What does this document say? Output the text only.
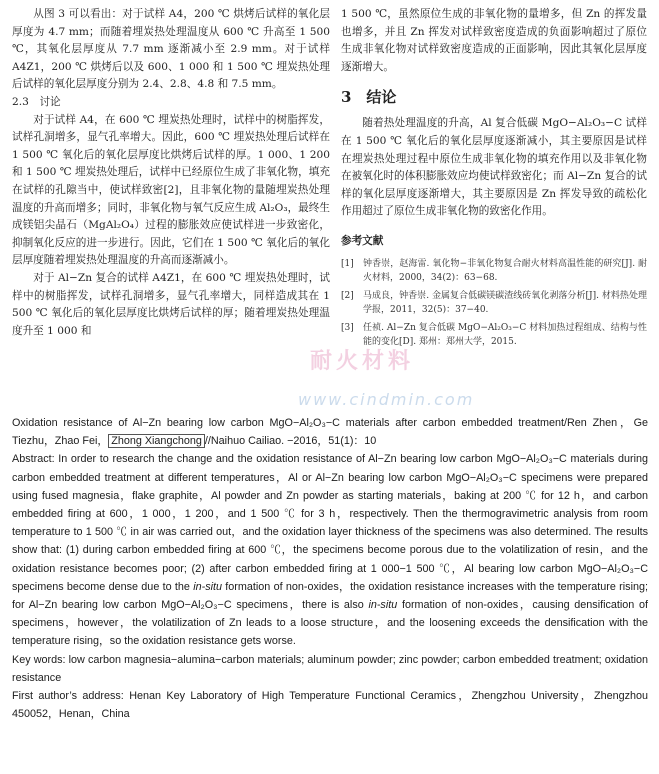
从图 3 可以看出：对于试样 A4，200 ℃ 烘烤后试样的氧化层厚度为 4.7 mm；而随着埋炭热处理温度从 600 ℃ 升高至 1 500 ℃，其氧化层厚度从 7.7 mm 逐渐减小至 2.9 mm。对于试样 A4Z1，200 ℃ 烘烤后以及 600、1 000 和 1 500 ℃ 埋炭热处理后试样的氧化层厚度分别为 2.4、2.8、4.8 和 7.5 mm。

2.3　讨论

对于试样 A4，在 600 ℃ 埋炭热处理时，试样中的树脂挥发，试样孔洞增多，显气孔率增大。因此，600 ℃ 埋炭热处理后试样在 1 500 ℃ 氧化后的氧化层厚度比烘烤后试样的厚。1 000、1 200 和 1 500 ℃ 埋炭热处理后，试样中已经原位生成了非氧化物，填充在试样的孔隙当中，使试样致密[2]，且非氧化物的量随埋炭热处理温度的升高而增多；同时，非氧化物与氧气反应生成 Al₂O₃，最终生成镁铝尖晶石（MgAl₂O₄）过程的膨胀效应使试样进一步致密化，抑制氧化反应的进一步进行。因此，它们在 1 500 ℃ 氧化后的氧化层厚度随着埋炭热处理温度的升高而逐渐减小。

对于 Al−Zn 复合的试样 A4Z1，在 600 ℃ 埋炭热处理时，试样中的树脂挥发，试样孔洞增多，显气孔率增大，同样造成其在 1 500 ℃ 氧化后的氧化层厚度比烘烤后试样的厚；随着埋炭热处理温度升至 1 000 和

1 500 ℃，虽然原位生成的非氧化物的量增多，但 Zn 的挥发量也增多，并且 Zn 挥发对试样致密度造成的负面影响超过了原位生成非氧化物对试样致密度造成的正面影响，因此其氧化层厚度逐渐增大。

3　结论

随着热处理温度的升高，Al 复合低碳 MgO−Al₂O₃−C 试样在 1 500 ℃ 氧化后的氧化层厚度逐渐减小，其主要原因是试样在埋炭热处理过程中原位生成非氧化物的填充作用以及非氧化物在被氧化时的体积膨胀效应均使试样致密化；而 Al−Zn 复合的试样的氧化层厚度逐渐增大，其主要原因是 Zn 挥发导致的疏松化作用超过了原位生成非氧化物的致密化作用。

参考文献
[1]	钟香崇，赵海雷. 氧化物−非氧化物复合耐火材料高温性能的研究[J]. 耐火材料，2000，34(2)：63−68.
[2]	马成良，钟香崇. 金属复合低碳镁碳渣线砖氧化剥落分析[J]. 材料热处理学报，2011，32(5)：37−40.
[3]	任祯. Al−Zn 复合低碳 MgO−Al₂O₃−C 材料加热过程组成、结构与性能的变化[D]. 郑州：郑州大学，2015.

Oxidation resistance of Al−Zn bearing low carbon MgO−Al₂O₃−C materials after carbon embedded treatment/Ren Zhen，Ge Tiezhu，Zhao Fei， Zhong Xiangchong //Naihuo Cailiao. −2016，51(1)：10

Abstract: In order to research the change and the oxidation resistance of Al−Zn bearing low carbon MgO−Al₂O₃−C materials during carbon embedded treatment at different temperatures，Al or Al−Zn bearing low carbon MgO−Al₂O₃−C specimens were prepared using fused magnesia，flake graphite，Al powder and Zn powder as starting materials，baking at 200 ℃ for 12 h，and carbon embedded firing at 600，1 000，1 200，and 1 500 ℃ for 3 h，respectively. Then the thermogravimetric analysis from room temperature to 1 500 ℃ in air was carried out，and the oxidation layer thickness of the specimens was also determined. The results show that: (1) during carbon embedded firing at 600 ℃，the specimens become porous due to the volatilization of resin，and the oxidation resistance becomes poor; (2) after carbon embedded firing at 1 000−1 500 ℃，Al bearing low carbon MgO−Al₂O₃−C specimens become dense due to the in-situ formation of non-oxides，the oxidation resistance increases with the temperature rising; for Al−Zn bearing low carbon MgO−Al₂O₃−C specimens，there is also in-situ formation of non-oxides，causing densification of specimens，however，the volatilization of Zn leads to a loose structure，and the loosening exceeds the densification with the temperature rising，so the oxidation resistance gets worse.

Key words: low carbon magnesia−alumina−carbon materials; aluminum powder; zinc powder; carbon embedded treatment; oxidation resistance

First author’s address: Henan Key Laboratory of High Temperature Functional Ceramics，Zhengzhou University，Zhengzhou 450052，Henan，China

耐火材料
www.cindmin.com
